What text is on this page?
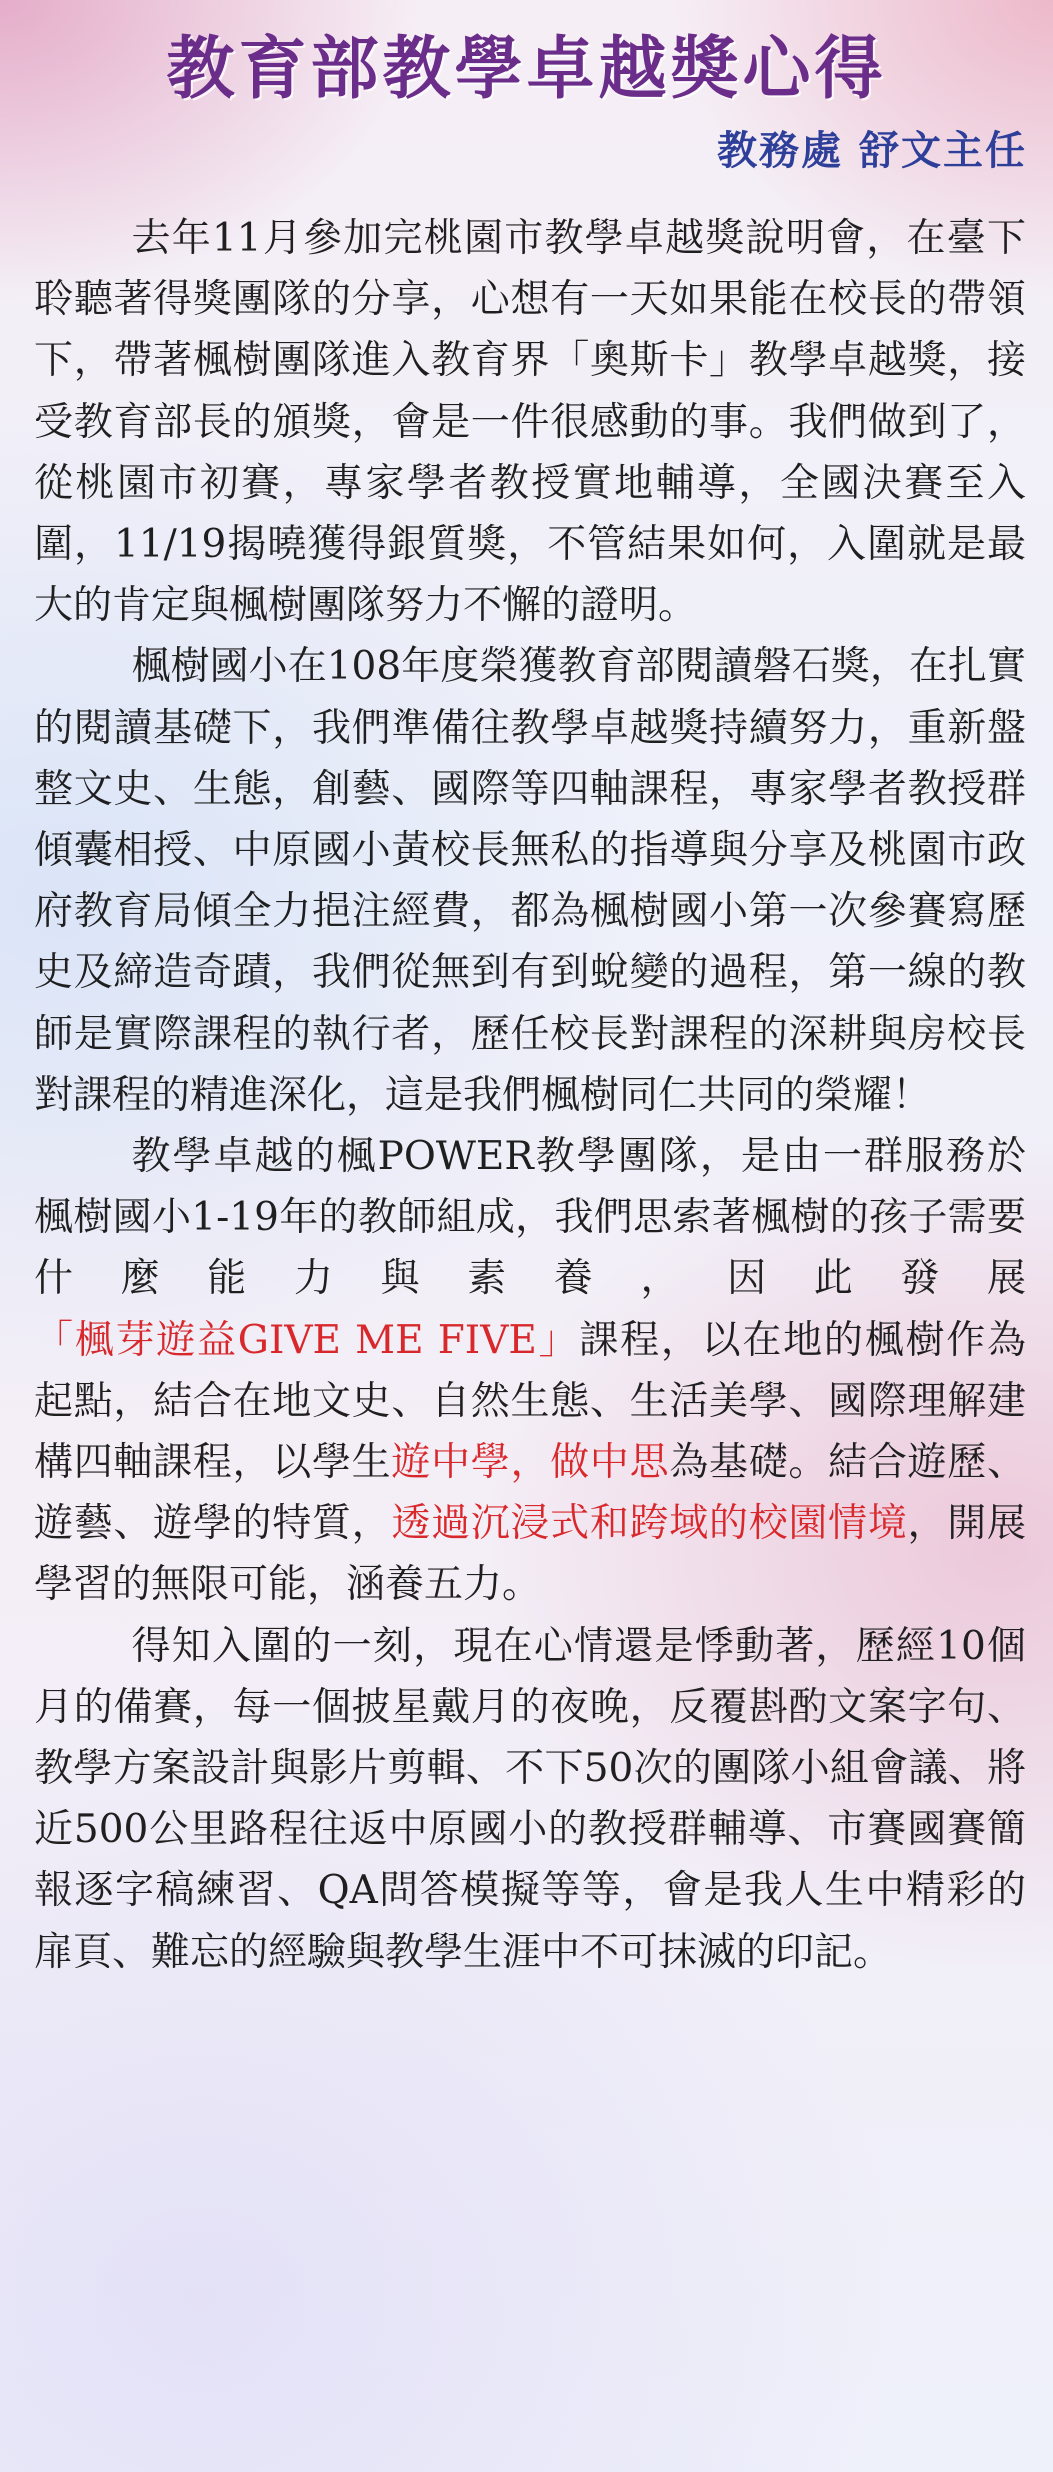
教育部教學卓越獎心得
教務處 舒文主任

去年11月參加完桃園市教學卓越獎說明會，在臺下聆聽著得獎團隊的分享，心想有一天如果能在校長的帶領下，帶著楓樹團隊進入教育界「奧斯卡」教學卓越獎，接受教育部長的頒獎，會是一件很感動的事。我們做到了，從桃園市初賽，專家學者教授實地輔導，全國決賽至入圍，11/19揭曉獲得銀質獎，不管結果如何，入圍就是最大的肯定與楓樹團隊努力不懈的證明。

楓樹國小在108年度榮獲教育部閱讀磐石獎，在扎實的閱讀基礎下，我們準備往教學卓越獎持續努力，重新盤整文史、生態，創藝、國際等四軸課程，專家學者教授群傾囊相授、中原國小黃校長無私的指導與分享及桃園市政府教育局傾全力挹注經費，都為楓樹國小第一次參賽寫歷史及締造奇蹟，我們從無到有到蛻變的過程，第一線的教師是實際課程的執行者，歷任校長對課程的深耕與房校長對課程的精進深化，這是我們楓樹同仁共同的榮耀！

教學卓越的楓POWER教學團隊，是由一群服務於楓樹國小1-19年的教師組成，我們思索著楓樹的孩子需要什麼能力與素養，因此發展「楓芽遊益GIVE ME FIVE」課程，以在地的楓樹作為起點，結合在地文史、自然生態、生活美學、國際理解建構四軸課程，以學生遊中學，做中思為基礎。結合遊歷、遊藝、遊學的特質，透過沉浸式和跨域的校園情境，開展學習的無限可能，涵養五力。

得知入圍的一刻，現在心情還是悸動著，歷經10個月的備賽，每一個披星戴月的夜晚，反覆斟酌文案字句、教學方案設計與影片剪輯、不下50次的團隊小組會議、將近500公里路程往返中原國小的教授群輔導、市賽國賽簡報逐字稿練習、QA問答模擬等等，會是我人生中精彩的扉頁、難忘的經驗與教學生涯中不可抹滅的印記。
